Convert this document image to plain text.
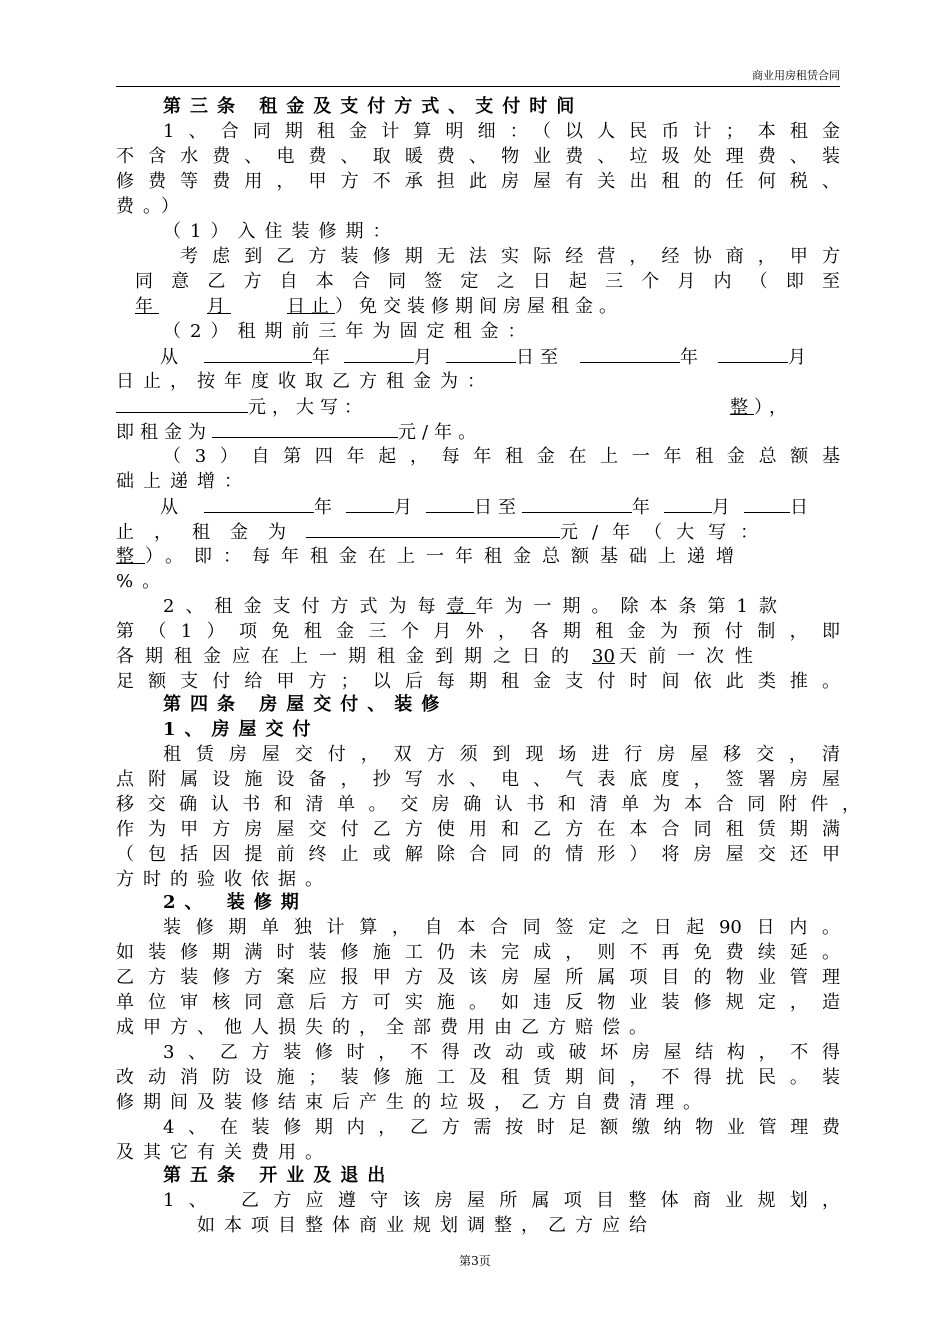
商业用房租赁合同
第三条 租金及支付方式、支付时间
1、合同期租金计算明细：（以人民币计；本租金
不含水费、电费、取暖费、物业费、垃圾处理费、装
修费等费用，甲方不承担此房屋有关出租的任何税、
费。）
（1）入住装修期：
考虑到乙方装修期无法实际经营，经协商，甲方
同意乙方自本合同签定之日起三个月内（即至
年	月	日止）免交装修期间房屋租金。
（2）租期前三年为固定租金：
从	年	月	日至	年	月
日止，按年度收取乙方租金为：
元，大写：	整），
即租金为	元/年。
（3）自第四年起，每年租金在上一年租金总额基
础上递增：
从	年	月	日至	年	月	日
止，租金为	元/年（大写：
整）。即：每年租金在上一年租金总额基础上递增
%。
2、租金支付方式为每壹年为一期。除本条第1款
第（1）项免租金三个月外，各期租金为预付制，即
各期租金应在上一期租金到期之日的 30 天前一次性
足额支付给甲方；以后每期租金支付时间依此类推。
第四条 房屋交付、装修
1、房屋交付
租赁房屋交付，双方须到现场进行房屋移交，清
点附属设施设备，抄写水、电、气表底度，签署房屋
移交确认书和清单。交房确认书和清单为本合同附件，
作为甲方房屋交付乙方使用和乙方在本合同租赁期满
（包括因提前终止或解除合同的情形）将房屋交还甲
方时的验收依据。
2、 装修期
装修期单独计算，自本合同签定之日起90日内。
如装修期满时装修施工仍未完成，则不再免费续延。
乙方装修方案应报甲方及该房屋所属项目的物业管理
单位审核同意后方可实施。如违反物业装修规定，造
成甲方、他人损失的，全部费用由乙方赔偿。
3、乙方装修时，不得改动或破坏房屋结构，不得
改动消防设施；装修施工及租赁期间，不得扰民。装
修期间及装修结束后产生的垃圾，乙方自费清理。
4、在装修期内，乙方需按时足额缴纳物业管理费
及其它有关费用。
第五条 开业及退出
1、 乙方应遵守该房屋所属项目整体商业规划，
如本项目整体商业规划调整，乙方应给
第3页
